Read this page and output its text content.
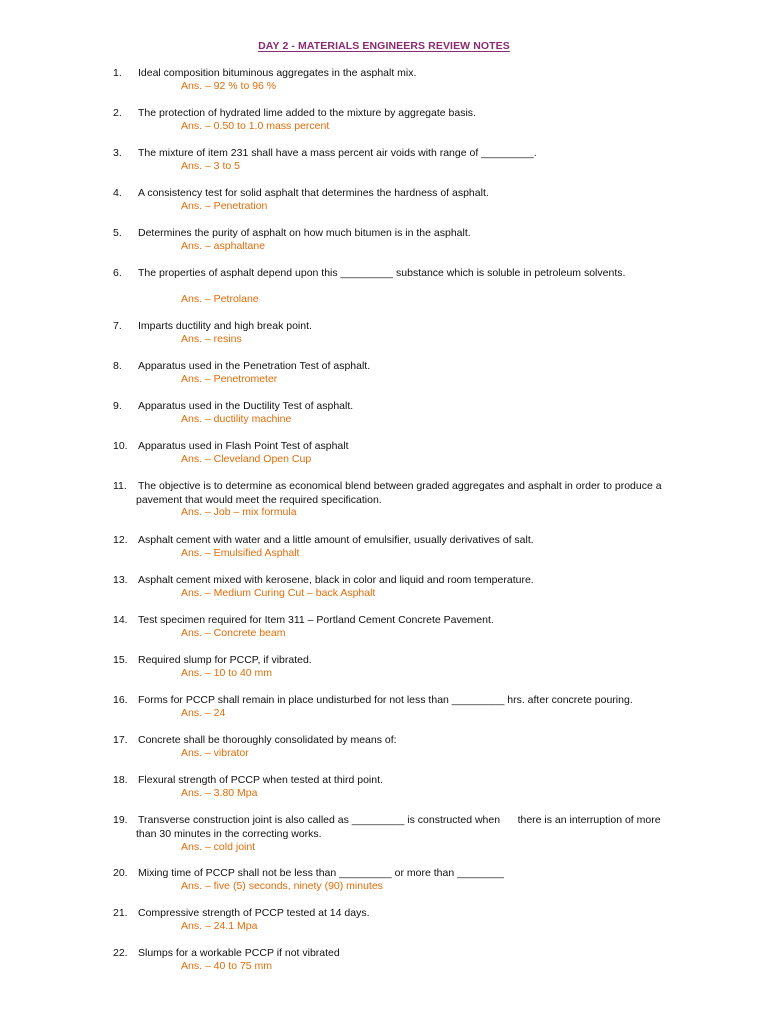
DAY 2 - MATERIALS ENGINEERS REVIEW NOTES
1. Ideal composition bituminous aggregates in the asphalt mix.
Ans. – 92 % to 96 %
2. The protection of hydrated lime added to the mixture by aggregate basis.
Ans. – 0.50 to 1.0 mass percent
3. The mixture of item 231 shall have a mass percent air voids with range of _________.
Ans. – 3 to 5
4. A consistency test for solid asphalt that determines the hardness of asphalt.
Ans. – Penetration
5. Determines the purity of asphalt on how much bitumen is in the asphalt.
Ans. – asphaltane
6. The properties of asphalt depend upon this _________ substance which is soluble in petroleum solvents.
Ans. – Petrolane
7. Imparts ductility and high break point.
Ans. – resins
8. Apparatus used in the Penetration Test of asphalt.
Ans. – Penetrometer
9. Apparatus used in the Ductility Test of asphalt.
Ans. – ductility machine
10. Apparatus used in Flash Point Test of asphalt
Ans. – Cleveland Open Cup
11. The objective is to determine as economical blend between graded aggregates and asphalt in order to produce a pavement that would meet the required specification.
Ans. – Job – mix formula
12. Asphalt cement with water and a little amount of emulsifier, usually derivatives of salt.
Ans. – Emulsified Asphalt
13. Asphalt cement mixed with kerosene, black in color and liquid and room temperature.
Ans. – Medium Curing Cut – back Asphalt
14. Test specimen required for Item 311 – Portland Cement Concrete Pavement.
Ans. – Concrete beam
15. Required slump for PCCP, if vibrated.
Ans. – 10 to 40 mm
16. Forms for PCCP shall remain in place undisturbed for not less than _________ hrs. after concrete pouring.
Ans. – 24
17. Concrete shall be thoroughly consolidated by means of:
Ans. – vibrator
18. Flexural strength of PCCP when tested at third point.
Ans. – 3.80 Mpa
19. Transverse construction joint is also called as _________ is constructed when      there is an interruption of more than 30 minutes in the correcting works.
Ans. – cold joint
20. Mixing time of PCCP shall not be less than _________ or more than ________
Ans. – five (5) seconds, ninety (90) minutes
21. Compressive strength of PCCP tested at 14 days.
Ans. – 24.1 Mpa
22. Slumps for a workable PCCP if not vibrated
Ans. – 40 to 75 mm
